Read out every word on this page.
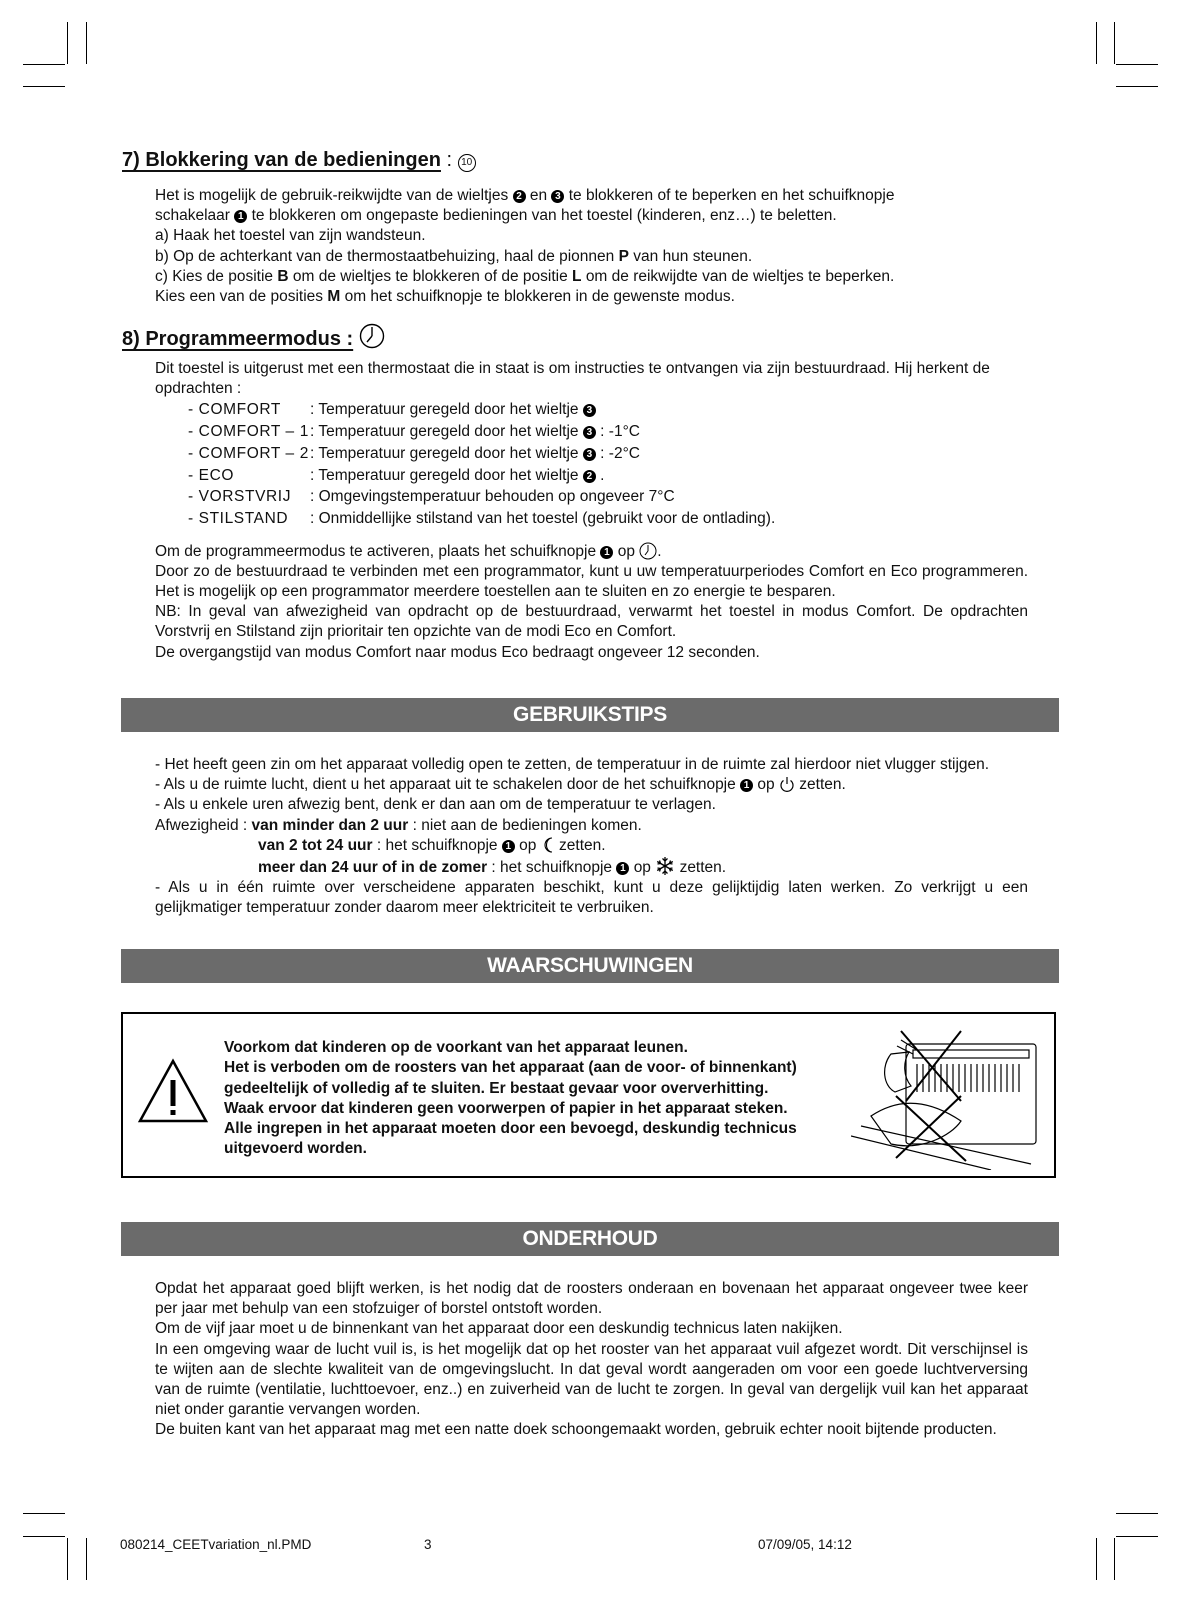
7) Blokkering van de bedieningen : 10

Het is mogelijk de gebruik-reikwijdte van de wieltjes 2 en 3 te blokkeren of te beperken en het schuifknopje

schakelaar 1 te blokkeren om ongepaste bedieningen van het toestel (kinderen, enz…) te beletten.

a) Haak het toestel van zijn wandsteun.

b) Op de achterkant van de thermostaatbehuizing, haal de pionnen P van hun steunen.

c) Kies de positie B om de wieltjes te blokkeren of de positie L om de reikwijdte van de wieltjes te beperken.

Kies een van de posities M om het schuifknopje te blokkeren in de gewenste modus.

8) Programmeermodus :

Dit toestel is uitgerust met een thermostaat die in staat is om instructies te ontvangen via zijn bestuurdraad. Hij herkent de opdrachten :

- COMFORT : Temperatuur geregeld door het wieltje 3
- COMFORT – 1: Temperatuur geregeld door het wieltje 3 : -1°C
- COMFORT – 2: Temperatuur geregeld door het wieltje 3 : -2°C
- ECO	: Temperatuur geregeld door het wieltje 2 .
- VORSTVRIJ : Omgevingstemperatuur behouden op ongeveer 7°C
- STILSTAND : Onmiddellijke stilstand van het toestel (gebruikt voor de ontlading).

Om de programmeermodus te activeren, plaats het schuifknopje 1 op .

Door zo de bestuurdraad te verbinden met een programmator, kunt u uw temperatuurperiodes Comfort en Eco programmeren. Het is mogelijk op een programmator meerdere toestellen aan te sluiten en zo energie te besparen.

NB: In geval van afwezigheid van opdracht op de bestuurdraad, verwarmt het toestel in modus Comfort. De opdrachten Vorstvrij en Stilstand zijn prioritair ten opzichte van de modi Eco en Comfort.

De overgangstijd van modus Comfort naar modus Eco bedraagt ongeveer 12 seconden.

GEBRUIKSTIPS

- Het heeft geen zin om het apparaat volledig open te zetten, de temperatuur in de ruimte zal hierdoor niet vlugger stijgen.

- Als u de ruimte lucht, dient u het apparaat uit te schakelen door de het schuifknopje 1 op zetten.

- Als u enkele uren afwezig bent, denk er dan aan om de temperatuur te verlagen.

Afwezigheid : van minder dan 2 uur : niet aan de bedieningen komen.

van 2 tot 24 uur : het schuifknopje 1 op zetten.

meer dan 24 uur of in de zomer : het schuifknopje 1 op zetten.

- Als u in één ruimte over verscheidene apparaten beschikt, kunt u deze gelijktijdig laten werken. Zo verkrijgt u een gelijkmatiger temperatuur zonder daarom meer elektriciteit te verbruiken.

WAARSCHUWINGEN

Voorkom dat kinderen op de voorkant van het apparaat leunen.

Het is verboden om de roosters van het apparaat (aan de voor- of binnenkant) gedeeltelijk of volledig af te sluiten. Er bestaat gevaar voor oververhitting.

Waak ervoor dat kinderen geen voorwerpen of papier in het apparaat steken.

Alle ingrepen in het apparaat moeten door een bevoegd, deskundig technicus uitgevoerd worden.

ONDERHOUD

Opdat het apparaat goed blijft werken, is het nodig dat de roosters onderaan en bovenaan het apparaat ongeveer twee keer per jaar met behulp van een stofzuiger of borstel ontstoft worden.

Om de vijf jaar moet u de binnenkant van het apparaat door een deskundig technicus laten nakijken.

In een omgeving waar de lucht vuil is, is het mogelijk dat op het rooster van het apparaat vuil afgezet wordt. Dit verschijnsel is te wijten aan de slechte kwaliteit van de omgevingslucht. In dat geval wordt aangeraden om voor een goede luchtverversing van de ruimte (ventilatie, luchttoevoer, enz..) en zuiverheid van de lucht te zorgen. In geval van dergelijk vuil kan het apparaat niet onder garantie vervangen worden.

De buiten kant van het apparaat mag met een natte doek schoongemaakt worden, gebruik echter nooit bijtende producten.

080214_CEETvariation_nl.PMD	3	07/09/05, 14:12
